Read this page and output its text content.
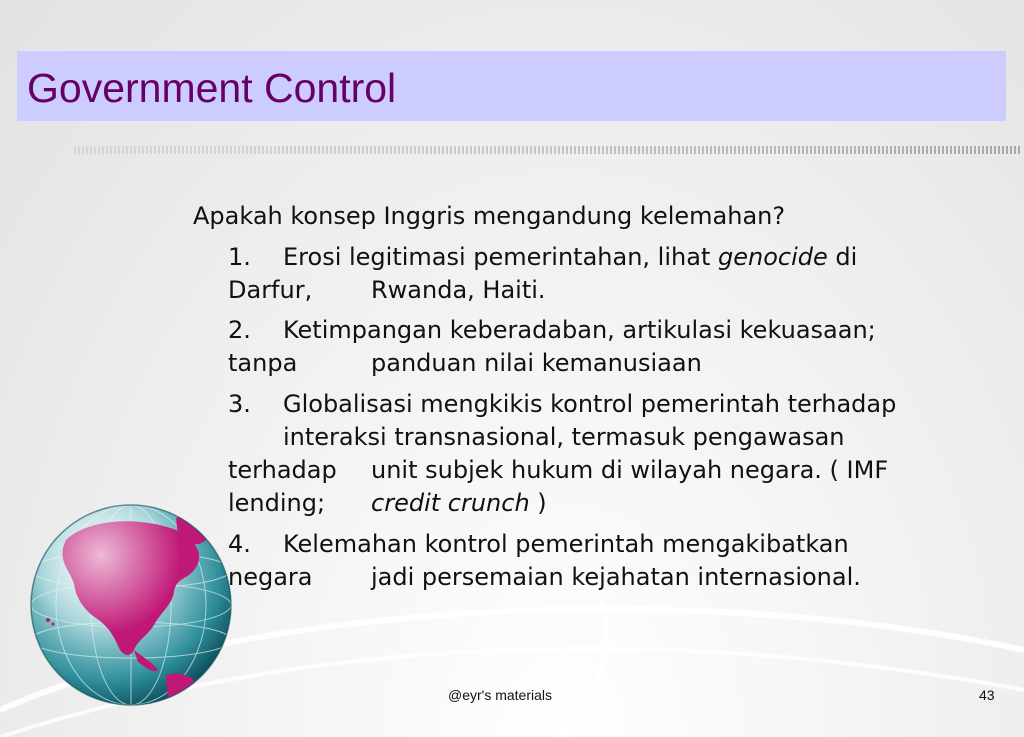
Government Control
Apakah konsep Inggris mengandung kelemahan?
1. Erosi legitimasi pemerintahan, lihat genocide di
Darfur, Rwanda, Haiti.
2. Ketimpangan keberadaban, artikulasi kekuasaan;
tanpa	panduan nilai kemanusiaan
3. Globalisasi mengkikis kontrol pemerintah terhadap
interaksi transnasional, termasuk pengawasan
terhadap unit subjek hukum di wilayah negara. ( IMF
lending; credit crunch )
4. Kelemahan kontrol pemerintah mengakibatkan
negara jadi persemaian kejahatan internasional.
@eyr's materials	43
